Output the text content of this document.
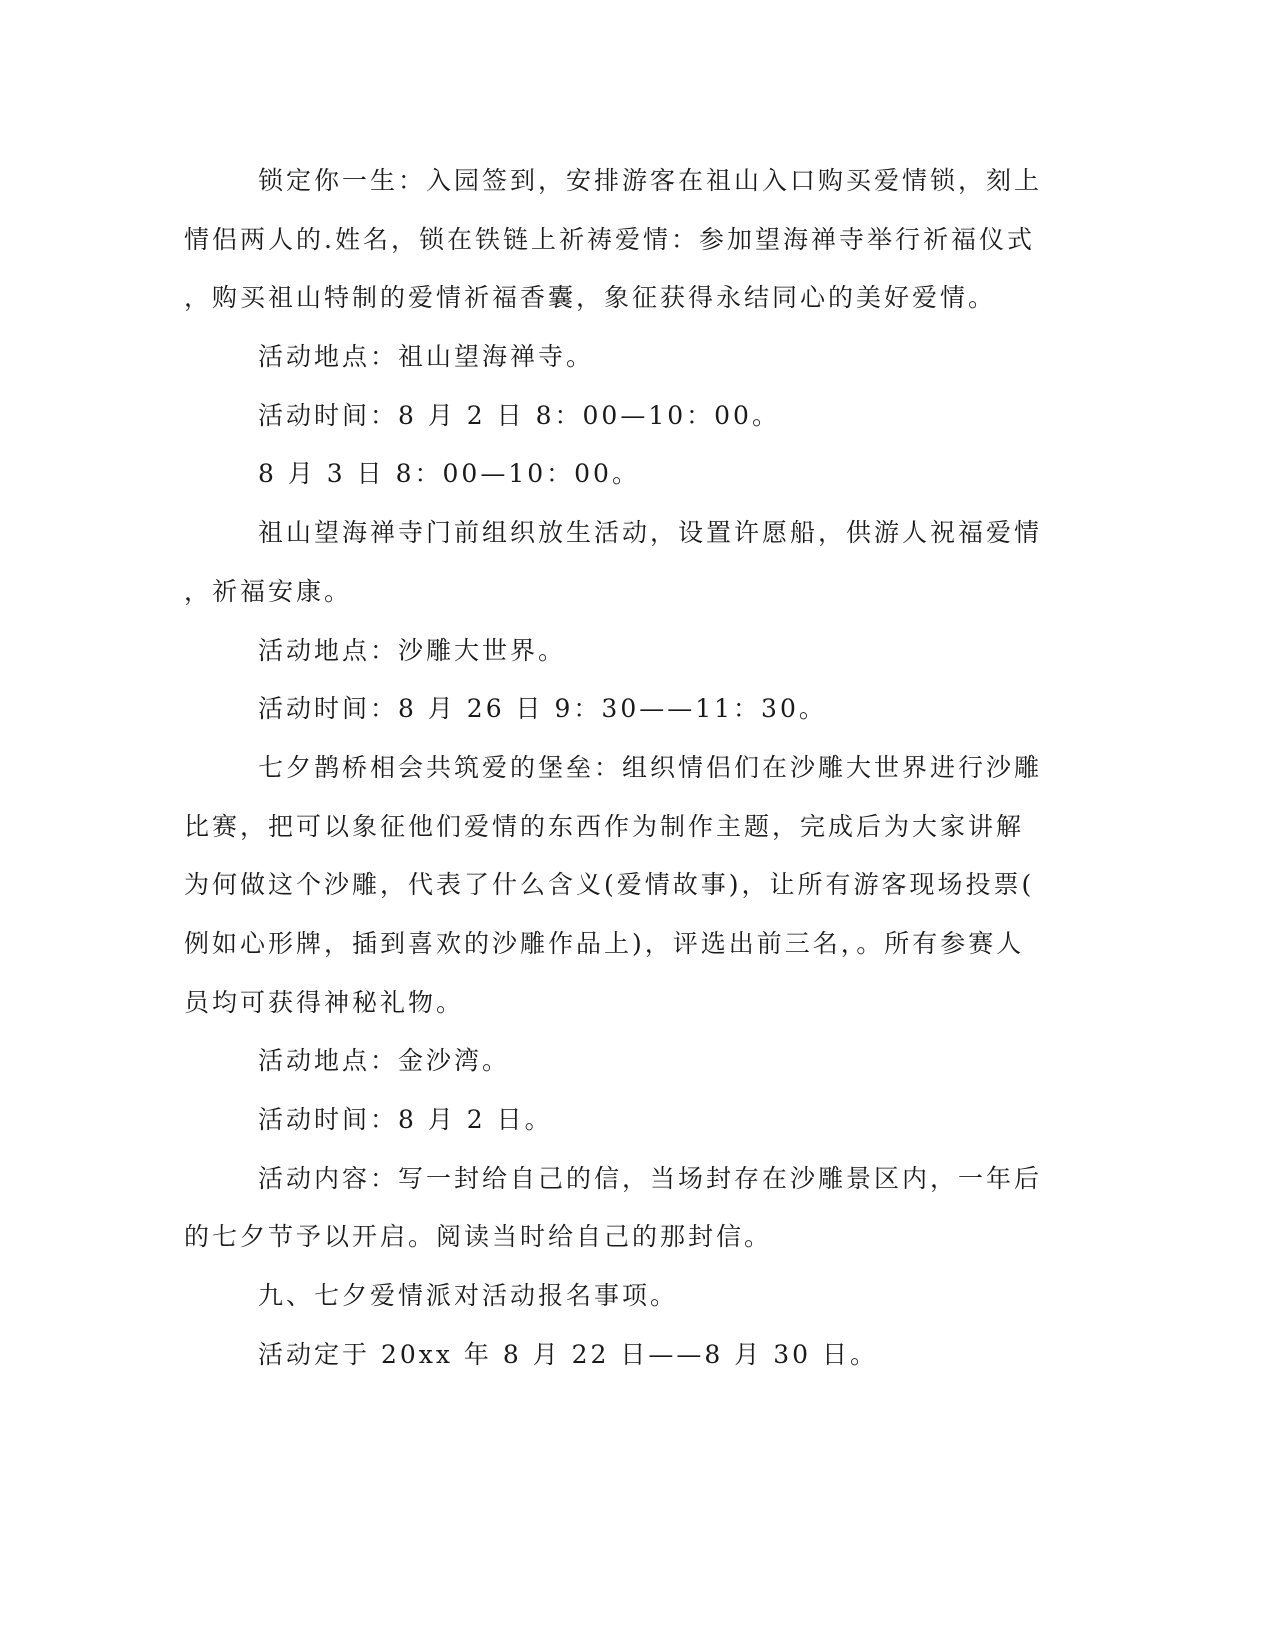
锁定你一生：入园签到，安排游客在祖山入口购买爱情锁，刻上
情侣两人的.姓名，锁在铁链上祈祷爱情：参加望海禅寺举行祈福仪式
，购买祖山特制的爱情祈福香囊，象征获得永结同心的美好爱情。
活动地点：祖山望海禅寺。
活动时间：8 月 2 日 8：00—10：00。
8 月 3 日 8：00—10：00。
祖山望海禅寺门前组织放生活动，设置许愿船，供游人祝福爱情
，祈福安康。
活动地点：沙雕大世界。
活动时间：8 月 26 日 9：30——11：30。
七夕鹊桥相会共筑爱的堡垒：组织情侣们在沙雕大世界进行沙雕
比赛，把可以象征他们爱情的东西作为制作主题，完成后为大家讲解
为何做这个沙雕，代表了什么含义(爱情故事)，让所有游客现场投票(
例如心形牌，插到喜欢的沙雕作品上)，评选出前三名，。所有参赛人
员均可获得神秘礼物。
活动地点：金沙湾。
活动时间：8 月 2 日。
活动内容：写一封给自己的信，当场封存在沙雕景区内，一年后
的七夕节予以开启。阅读当时给自己的那封信。
九、七夕爱情派对活动报名事项。
活动定于 20xx 年 8 月 22 日——8 月 30 日。
